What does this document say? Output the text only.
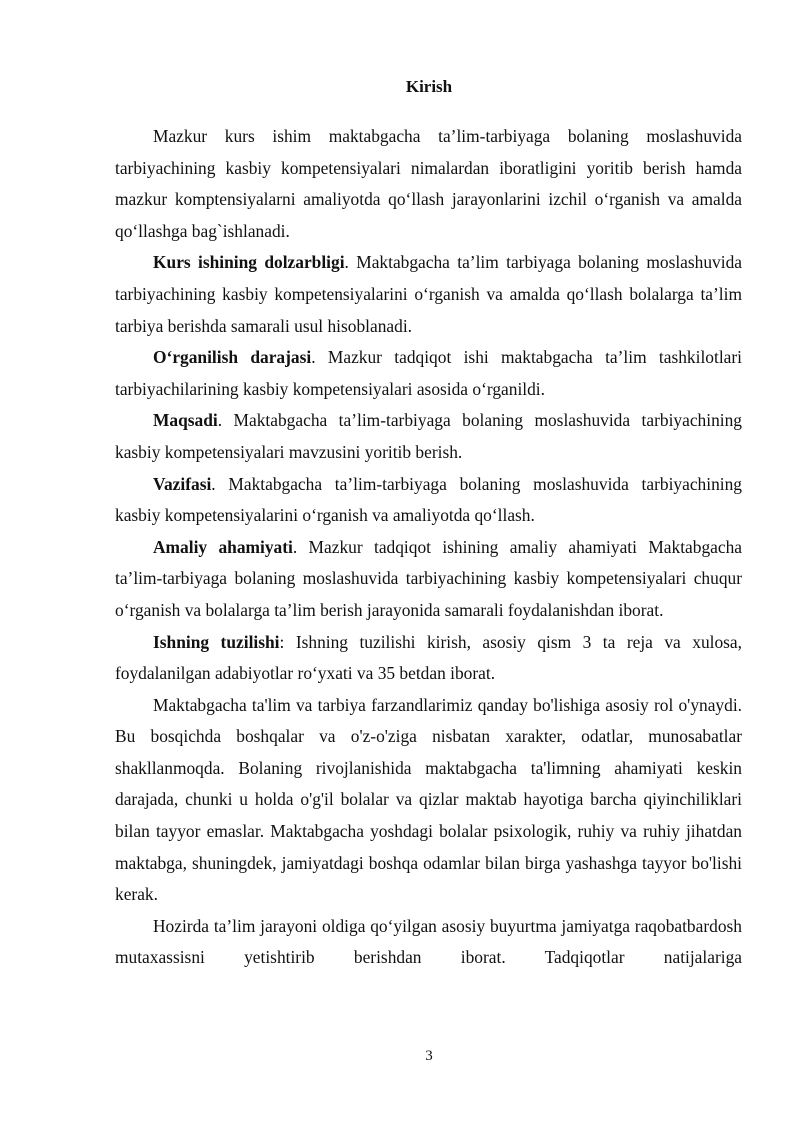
Kirish

Mazkur kurs ishim maktabgacha ta’lim-tarbiyaga bolaning moslashuvida tarbiyachining kasbiy kompetensiyalari nimalardan iboratligini yoritib berish hamda mazkur komptensiyalarni amaliyotda qo‘llash jarayonlarini izchil o‘rganish va amalda qo‘llashga bag`ishlanadi.

Kurs ishining dolzarbligi. Maktabgacha ta’lim tarbiyaga bolaning moslashuvida tarbiyachining kasbiy kompetensiyalarini o‘rganish va amalda qo‘llash bolalarga ta’lim tarbiya berishda samarali usul hisoblanadi.

O‘rganilish darajasi. Mazkur tadqiqot ishi maktabgacha ta’lim tashkilotlari tarbiyachilarining kasbiy kompetensiyalari asosida o‘rganildi.

Maqsadi. Maktabgacha ta’lim-tarbiyaga bolaning moslashuvida tarbiyachining kasbiy kompetensiyalari mavzusini yoritib berish.

Vazifasi. Maktabgacha ta’lim-tarbiyaga bolaning moslashuvida tarbiyachining kasbiy kompetensiyalarini o‘rganish va amaliyotda qo‘llash.

Amaliy ahamiyati. Mazkur tadqiqot ishining amaliy ahamiyati Maktabgacha ta’lim-tarbiyaga bolaning moslashuvida tarbiyachining kasbiy kompetensiyalari chuqur o‘rganish va bolalarga ta’lim berish jarayonida samarali foydalanishdan iborat.

Ishning tuzilishi: Ishning tuzilishi kirish, asosiy qism 3 ta reja va xulosa, foydalanilgan adabiyotlar ro‘yxati va 35 betdan iborat.

Maktabgacha ta'lim va tarbiya farzandlarimiz qanday bo'lishiga asosiy rol o'ynaydi. Bu bosqichda boshqalar va o'z-o'ziga nisbatan xarakter, odatlar, munosabatlar shakllanmoqda. Bolaning rivojlanishida maktabgacha ta'limning ahamiyati keskin darajada, chunki u holda o'g'il bolalar va qizlar maktab hayotiga barcha qiyinchiliklari bilan tayyor emaslar. Maktabgacha yoshdagi bolalar psixologik, ruhiy va ruhiy jihatdan maktabga, shuningdek, jamiyatdagi boshqa odamlar bilan birga yashashga tayyor bo'lishi kerak.

Hozirda ta’lim jarayoni oldiga qo‘yilgan asosiy buyurtma jamiyatga raqobatbardosh mutaxassisni yetishtirib berishdan iborat. Tadqiqotlar natijalariga

3
